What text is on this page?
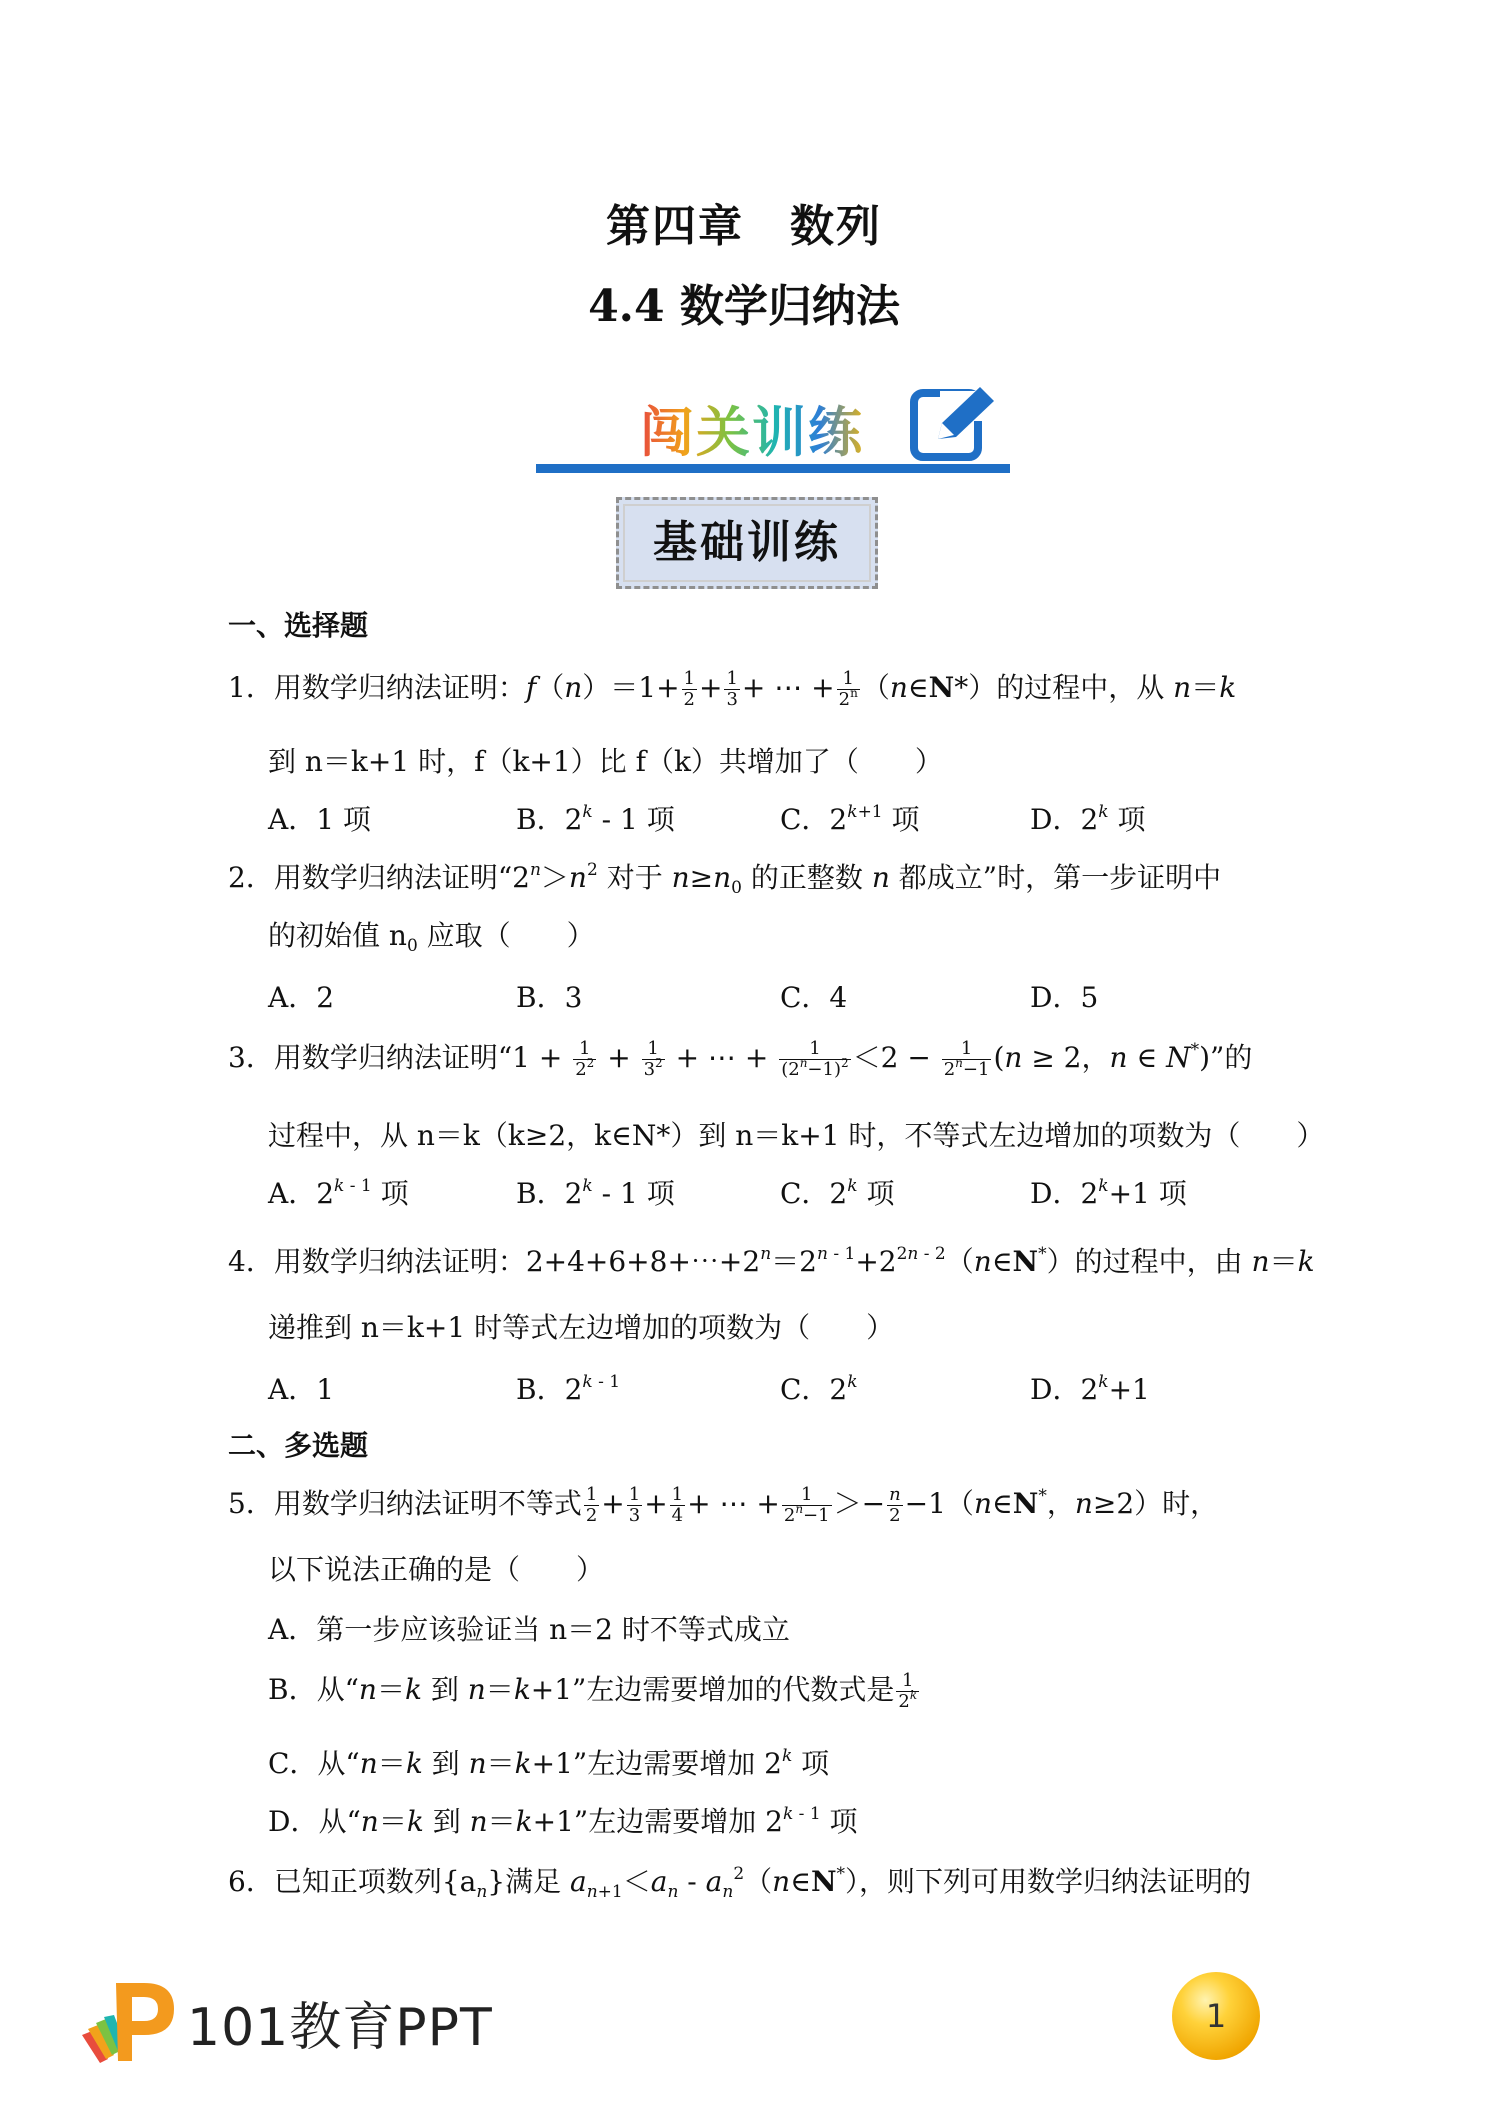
第四章　数列
4.4 数学归纳法
闯关训练
基础训练
一、选择题
1．用数学归纳法证明：$f(n)=1+ \frac{1}{2} + \frac{1}{3}$ + ⋯ + $\frac{1}{2^n}$ （n∈N*）的过程中，从 n＝k
到 n＝k+1 时，f（k+1）比 f（k）共增加了（　　）
A．1 项	B．2$^k$ - 1 项	C．$2^{k+1}$ 项	D．2$^k$ 项
2．用数学归纳法证明“$2^n>n^2$ 对于 $n\ge n_0$ 的正整数 n 都成立”时，第一步证明中
的初始值 $n_0$ 应取（　　）
A．2	B．3	C．4	D．5
3．用数学归纳法证明“$1 + \frac{1}{2^2} + \frac{1}{3^2}$ + ⋯ + $\frac{1}{(2^n-1)^2} <2 - \frac{1}{2^n-1} (n \ge 2$，n ∈ N*)”的
过程中，从 n＝k（k≥2，k∈N*）到 n＝k+1 时，不等式左边增加的项数为（　　）
A．2$^{k - 1}$ 项	B．2$^k$ - 1 项	C．2$^k$ 项	D．$2^k+1$ 项
4．用数学归纳法证明：$2+4+6+8+\cdots+2^n=2^{n - 1}+2^{2n - 2}(n\in N^*)$的过程中，由 n＝k
递推到 n＝k+1 时等式左边增加的项数为（　　）
A．1	B．2$^{k - 1}$	C．2$^k$	D．$2^k+1$
二、多选题
5．用数学归纳法证明不等式 $\frac{1}{2} + \frac{1}{3} + \frac{1}{4}$ + ⋯ + $\frac{1}{2^n-1} >- \frac{n}{2}$ −1（n∈N*，n≥2）时，
以下说法正确的是（　　）
A．第一步应该验证当 n＝2 时不等式成立
B．从“n＝k 到 n＝k+1”左边需要增加的代数式是 $\frac{1}{2^k}$
C．从“n＝k 到 n＝k+1”左边需要增加 2$^k$ 项
D．从“n＝k 到 n＝k+1”左边需要增加 2$^{k - 1}$ 项
6．已知正项数列$\{a_n\}$满足 $a_{n+1}<a_n$ - $a_n^2(n\in N^*)$，则下列可用数学归纳法证明的
101教育PPT	1
